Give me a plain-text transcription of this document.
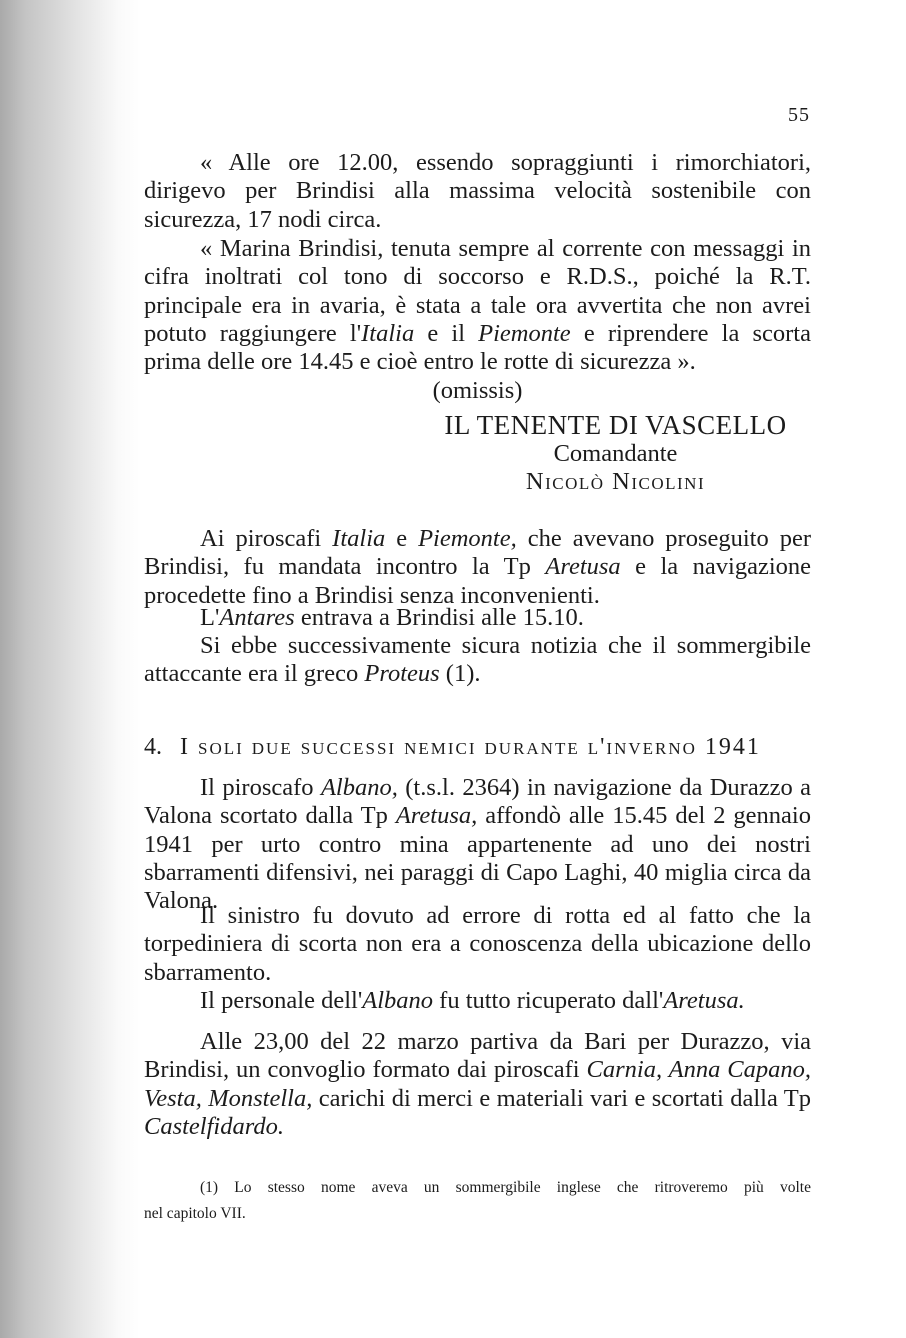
55

« Alle ore 12.00, essendo sopraggiunti i rimorchiatori, dirigevo per Brindisi alla massima velocità sostenibile con sicurezza, 17 nodi circa.

« Marina Brindisi, tenuta sempre al corrente con messaggi in cifra inoltrati col tono di soccorso e R.D.S., poiché la R.T. principale era in avaria, è stata a tale ora avvertita che non avrei potuto raggiungere l'Italia e il Piemonte e riprendere la scorta prima delle ore 14.45 e cioè entro le rotte di sicurezza ».

(omissis)
IL TENENTE DI VASCELLO
Comandante
Nicolò Nicolini

Ai piroscafi Italia e Piemonte, che avevano proseguito per Brindisi, fu mandata incontro la Tp Aretusa e la navigazione procedette fino a Brindisi senza inconvenienti.

L'Antares entrava a Brindisi alle 15.10.

Si ebbe successivamente sicura notizia che il sommergibile attaccante era il greco Proteus (1).

4. I soli due successi nemici durante l'inverno 1941

Il piroscafo Albano, (t.s.l. 2364) in navigazione da Durazzo a Valona scortato dalla Tp Aretusa, affondò alle 15.45 del 2 gennaio 1941 per urto contro mina appartenente ad uno dei nostri sbarramenti difensivi, nei paraggi di Capo Laghi, 40 miglia circa da Valona.

Il sinistro fu dovuto ad errore di rotta ed al fatto che la torpediniera di scorta non era a conoscenza della ubicazione dello sbarramento.

Il personale dell'Albano fu tutto ricuperato dall'Aretusa.

Alle 23,00 del 22 marzo partiva da Bari per Durazzo, via Brindisi, un convoglio formato dai piroscafi Carnia, Anna Capano, Vesta, Monstella, carichi di merci e materiali vari e scortati dalla Tp Castelfidardo.

(1) Lo stesso nome aveva un sommergibile inglese che ritroveremo più volte
nel capitolo VII.
